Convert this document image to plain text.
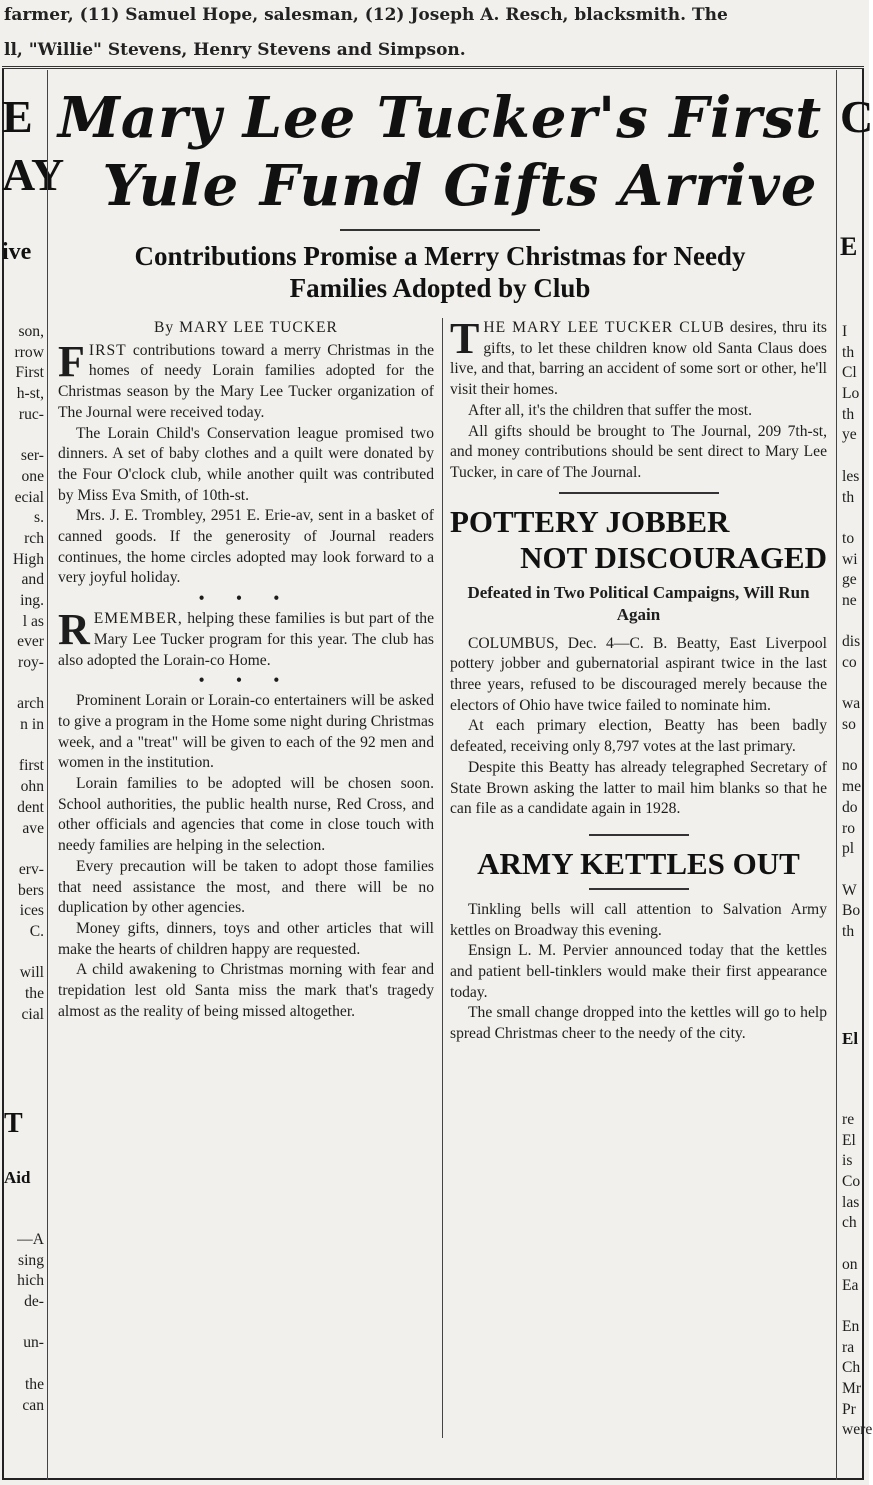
farmer, (11) Samuel Hope, salesman, (12) Joseph A. Resch, blacksmith. The
ll, "Willie" Stevens, Henry Stevens and Simpson.
E
AY
ive
son,
rrow
First
h-st,
ruc-
ser-
one
ecial
s.
rch
High
and
ing.
l as
ever
roy-
arch
n in
first
ohn
dent
ave
erv-
bers
ices
C.
will
the
cial
T
Aid
—A
sing
hich
de-
un-
the
can
C
E
I
th
Cl
Lo
th
ye
les
th
to
wi
ge
ne
dis
co
wa
so
no
me
do
ro
pl
W
Bo
th
El
re
El
is
Co
las
ch
on
Ea
En
ra
Ch
Mr
Pr
were
Mary Lee Tucker's First
Yule Fund Gifts Arrive
Contributions Promise a Merry Christmas for Needy
Families Adopted by Club

By MARY LEE TUCKER

FIRST contributions toward a merry Christmas in the homes of needy Lorain families adopted for the Christmas season by the Mary Lee Tucker organization of The Journal were received today.

The Lorain Child's Conservation league promised two dinners. A set of baby clothes and a quilt were donated by the Four O'clock club, while another quilt was contributed by Miss Eva Smith, of 10th-st.

Mrs. J. E. Trombley, 2951 E. Erie-av, sent in a basket of canned goods. If the generosity of Journal readers continues, the home circles adopted may look forward to a very joyful holiday.

• • •

REMEMBER, helping these families is but part of the Mary Lee Tucker program for this year. The club has also adopted the Lorain-co Home.

• • •

Prominent Lorain or Lorain-co entertainers will be asked to give a program in the Home some night during Christmas week, and a "treat" will be given to each of the 92 men and women in the institution.

Lorain families to be adopted will be chosen soon. School authorities, the public health nurse, Red Cross, and other officials and agencies that come in close touch with needy families are helping in the selection.

Every precaution will be taken to adopt those families that need assistance the most, and there will be no duplication by other agencies.

Money gifts, dinners, toys and other articles that will make the hearts of children happy are requested.

A child awakening to Christmas morning with fear and trepidation lest old Santa miss the mark that's tragedy almost as the reality of being missed altogether.

THE MARY LEE TUCKER CLUB desires, thru its gifts, to let these children know old Santa Claus does live, and that, barring an accident of some sort or other, he'll visit their homes.

After all, it's the children that suffer the most.

All gifts should be brought to The Journal, 209 7th-st, and money contributions should be sent direct to Mary Lee Tucker, in care of The Journal.

POTTERY JOBBER

NOT DISCOURAGED

Defeated in Two Political Campaigns, Will Run Again

COLUMBUS, Dec. 4—C. B. Beatty, East Liverpool pottery jobber and gubernatorial aspirant twice in the last three years, refused to be discouraged merely because the electors of Ohio have twice failed to nominate him.

At each primary election, Beatty has been badly defeated, receiving only 8,797 votes at the last primary.

Despite this Beatty has already telegraphed Secretary of State Brown asking the latter to mail him blanks so that he can file as a candidate again in 1928.

ARMY KETTLES OUT

Tinkling bells will call attention to Salvation Army kettles on Broadway this evening.

Ensign L. M. Pervier announced today that the kettles and patient bell-tinklers would make their first appearance today.

The small change dropped into the kettles will go to help spread Christmas cheer to the needy of the city.
